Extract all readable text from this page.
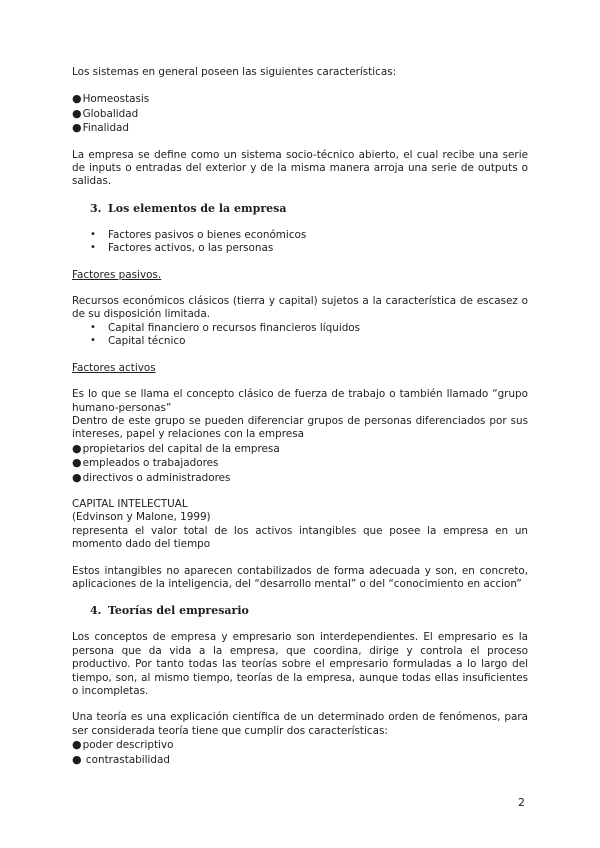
Los sistemas en general poseen las siguientes características:

● Homeostasis
● Globalidad
● Finalidad

La empresa se define como un sistema socio-técnico abierto, el cual recibe una serie de inputs o entradas del exterior y de la misma manera arroja una serie de outputs o salidas.

3. Los elementos de la empresa
• Factores pasivos o bienes económicos
• Factores activos, o las personas

Factores pasivos.

Recursos económicos clásicos (tierra y capital) sujetos a la característica de escasez o de su disposición limitada.

• Capital financiero o recursos financieros líquidos
• Capital técnico

Factores activos

Es lo que se llama el concepto clásico de fuerza de trabajo o también llamado “grupo humano-personas”

Dentro de este grupo se pueden diferenciar grupos de personas diferenciados por sus intereses, papel y relaciones con la empresa

● propietarios del capital de la empresa
● empleados o trabajadores
● directivos o administradores

CAPITAL INTELECTUAL

(Edvinson y Malone, 1999)

representa el valor total de los activos intangibles que posee la empresa en un momento dado del tiempo

Estos intangibles no aparecen contabilizados de forma adecuada y son, en concreto, aplicaciones de la inteligencia, del “desarrollo mental” o del “conocimiento en accion”

4. Teorías del empresario

Los conceptos de empresa y empresario son interdependientes. El empresario es la persona que da vida a la empresa, que coordina, dirige y controla el proceso productivo. Por tanto todas las teorías sobre el empresario formuladas a lo largo del tiempo, son, al mismo tiempo, teorías de la empresa, aunque todas ellas insuficientes o incompletas.

Una teoría es una explicación científica de un determinado orden de fenómenos, para ser considerada teoría tiene que cumplir dos características:

● poder descriptivo
● contrastabilidad
2
